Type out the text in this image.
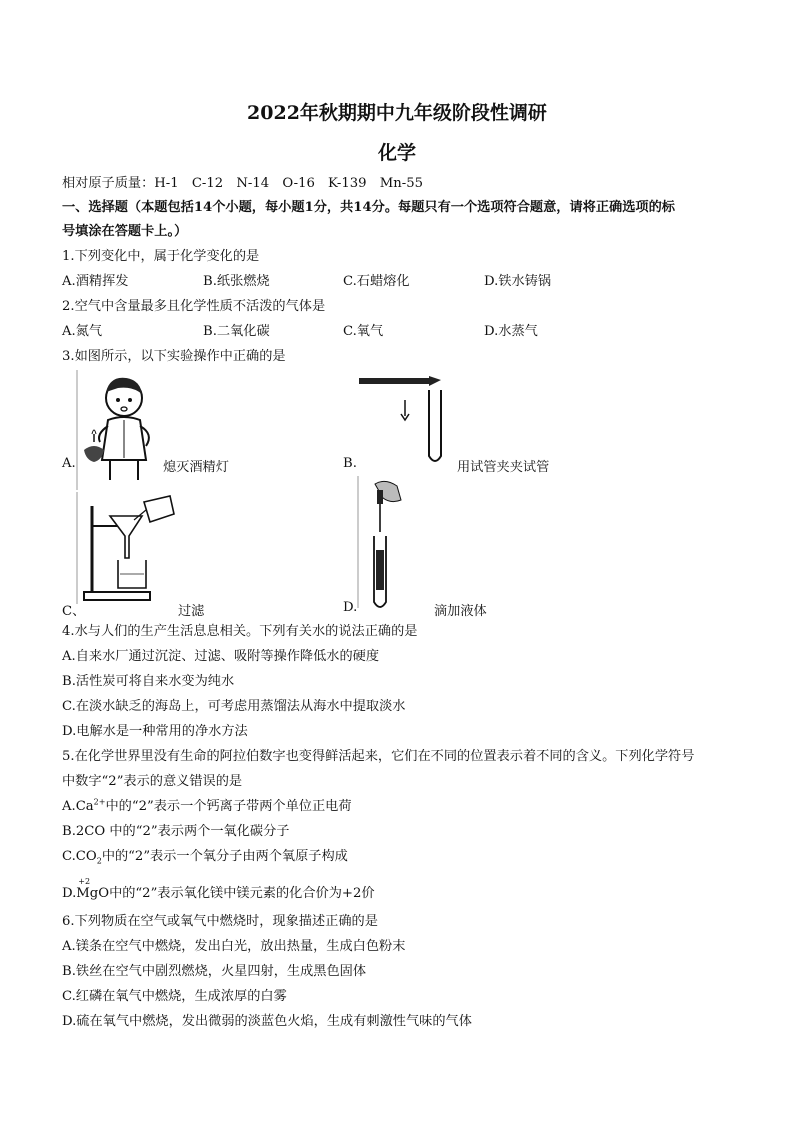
2022年秋期期中九年级阶段性调研
化学
相对原子质量：H-1　C-12　N-14　O-16　K-139　Mn-55
一、选择题（本题包括14个小题，每小题1分，共14分。每题只有一个选项符合题意，请将正确选项的标
号填涂在答题卡上。）
1.下列变化中，属于化学变化的是
A.酒精挥发	B.纸张燃烧	C.石蜡熔化	D.铁水铸锅
2.空气中含量最多且化学性质不活泼的气体是
A.氮气	B.二氧化碳	C.氧气	D.水蒸气
3.如图所示，以下实验操作中正确的是
A.	熄灭酒精灯	B.	用试管夹夹试管
C、	过滤	D.	滴加液体
4.水与人们的生产生活息息相关。下列有关水的说法正确的是
A.自来水厂通过沉淀、过滤、吸附等操作降低水的硬度
B.活性炭可将自来水变为纯水
C.在淡水缺乏的海岛上，可考虑用蒸馏法从海水中提取淡水
D.电解水是一种常用的净水方法
5.在化学世界里没有生命的阿拉伯数字也变得鲜活起来，它们在不同的位置表示着不同的含义。下列化学符号
中数字“2”表示的意义错误的是
$A.Ca^{2+}$中的“2”表示一个钙离子带两个单位正电荷
B.2CO 中的“2”表示两个一氧化碳分子
$C.CO_2$中的“2”表示一个氧分子由两个氧原子构成
D.
+2
MgO中的“2”表示氧化镁中镁元素的化合价为+2价
6.下列物质在空气或氧气中燃烧时，现象描述正确的是
A.镁条在空气中燃烧，发出白光，放出热量，生成白色粉末
B.铁丝在空气中剧烈燃烧，火星四射，生成黑色固体
C.红磷在氧气中燃烧，生成浓厚的白雾
D.硫在氧气中燃烧，发出微弱的淡蓝色火焰，生成有刺激性气味的气体
